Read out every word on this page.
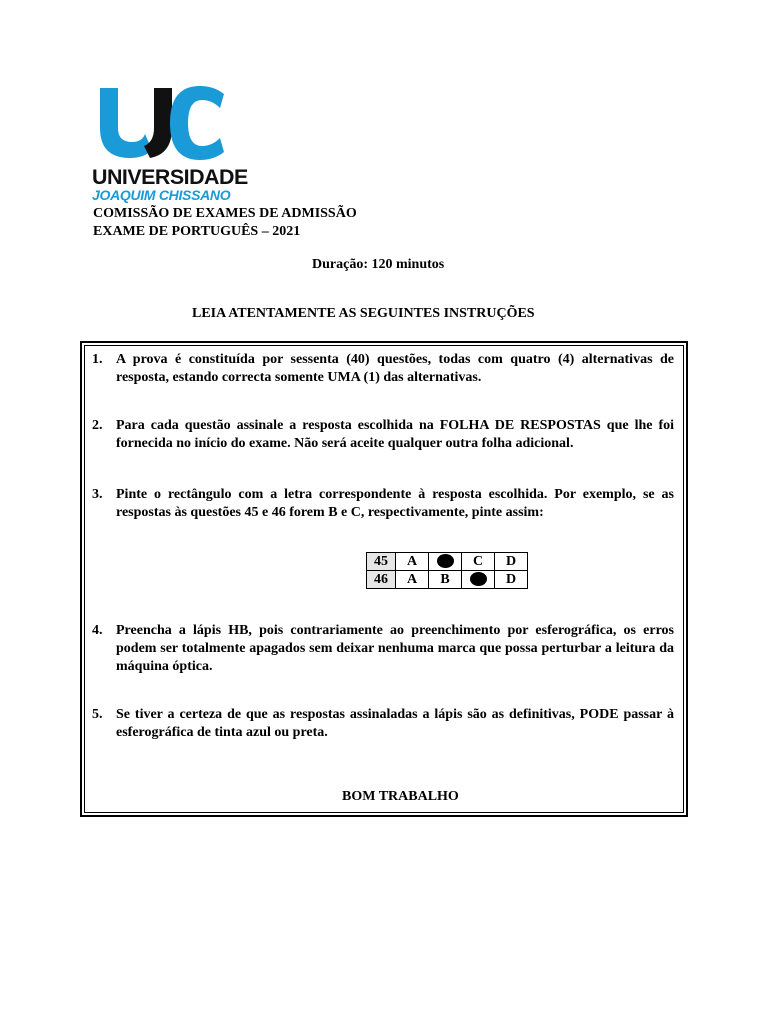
UNIVERSIDADE
JOAQUIM CHISSANO
COMISSÃO DE EXAMES DE ADMISSÃO
EXAME DE PORTUGUÊS – 2021
Duração: 120 minutos
LEIA ATENTAMENTE AS SEGUINTES INSTRUÇÕES
1. A prova é constituída por sessenta (40) questões, todas com quatro (4) alternativas de resposta, estando correcta somente UMA (1) das alternativas.
2. Para cada questão assinale a resposta escolhida na FOLHA DE RESPOSTAS que lhe foi fornecida no início do exame. Não será aceite qualquer outra folha adicional.
3. Pinte o rectângulo com a letra correspondente à resposta escolhida. Por exemplo, se as respostas às questões 45 e 46 forem B e C, respectivamente, pinte assim:
45	A		C	D
46	A	B		D
4. Preencha a lápis HB, pois contrariamente ao preenchimento por esferográfica, os erros podem ser totalmente apagados sem deixar nenhuma marca que possa perturbar a leitura da máquina óptica.
5. Se tiver a certeza de que as respostas assinaladas a lápis são as definitivas, PODE passar à esferográfica de tinta azul ou preta.
BOM TRABALHO
